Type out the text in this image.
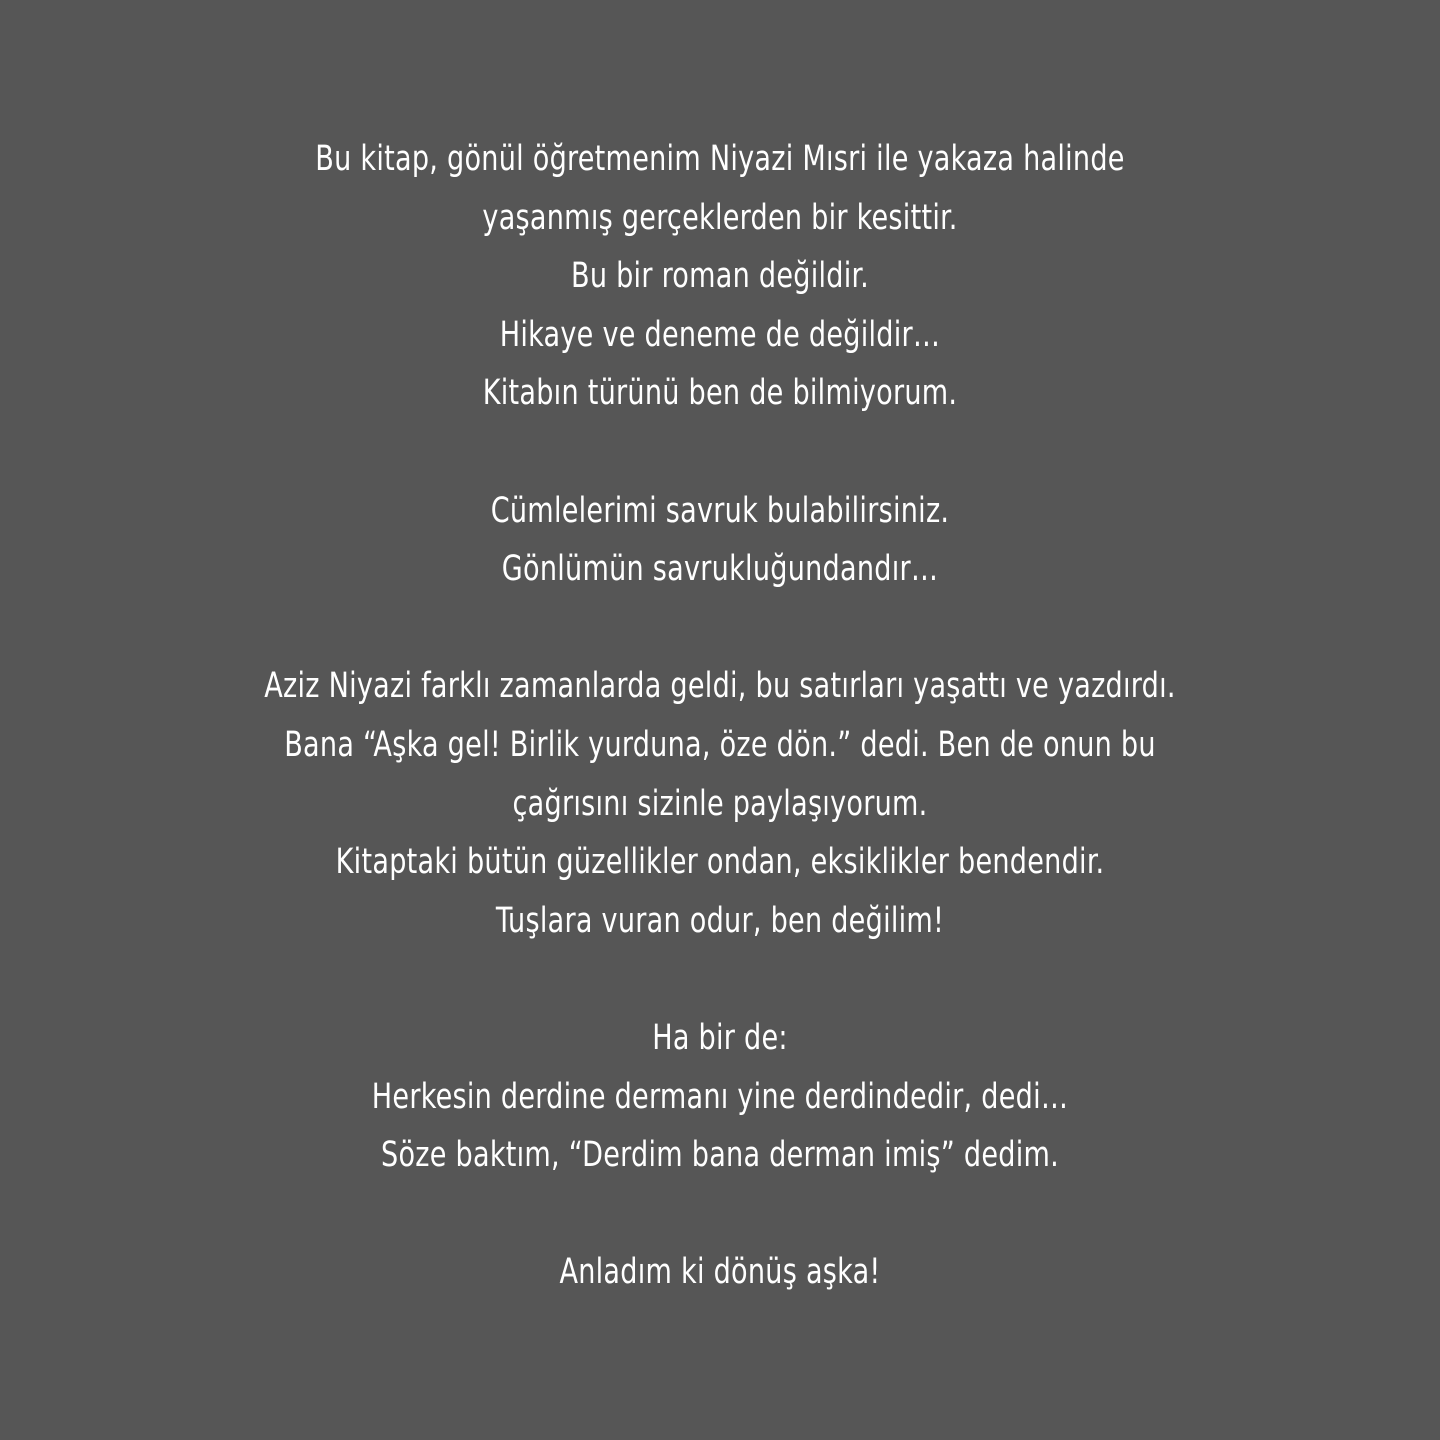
Bu kitap, gönül öğretmenim Niyazi Mısri ile yakaza halinde
yaşanmış gerçeklerden bir kesittir.
Bu bir roman değildir.
Hikaye ve deneme de değildir…
Kitabın türünü ben de bilmiyorum.
Cümlelerimi savruk bulabilirsiniz.
Gönlümün savrukluğundandır…
Aziz Niyazi farklı zamanlarda geldi, bu satırları yaşattı ve yazdırdı.
Bana “Aşka gel! Birlik yurduna, öze dön.” dedi. Ben de onun bu
çağrısını sizinle paylaşıyorum.
Kitaptaki bütün güzellikler ondan, eksiklikler bendendir.
Tuşlara vuran odur, ben değilim!
Ha bir de:
Herkesin derdine dermanı yine derdindedir, dedi…
Söze baktım, “Derdim bana derman imiş” dedim.
Anladım ki dönüş aşka!
